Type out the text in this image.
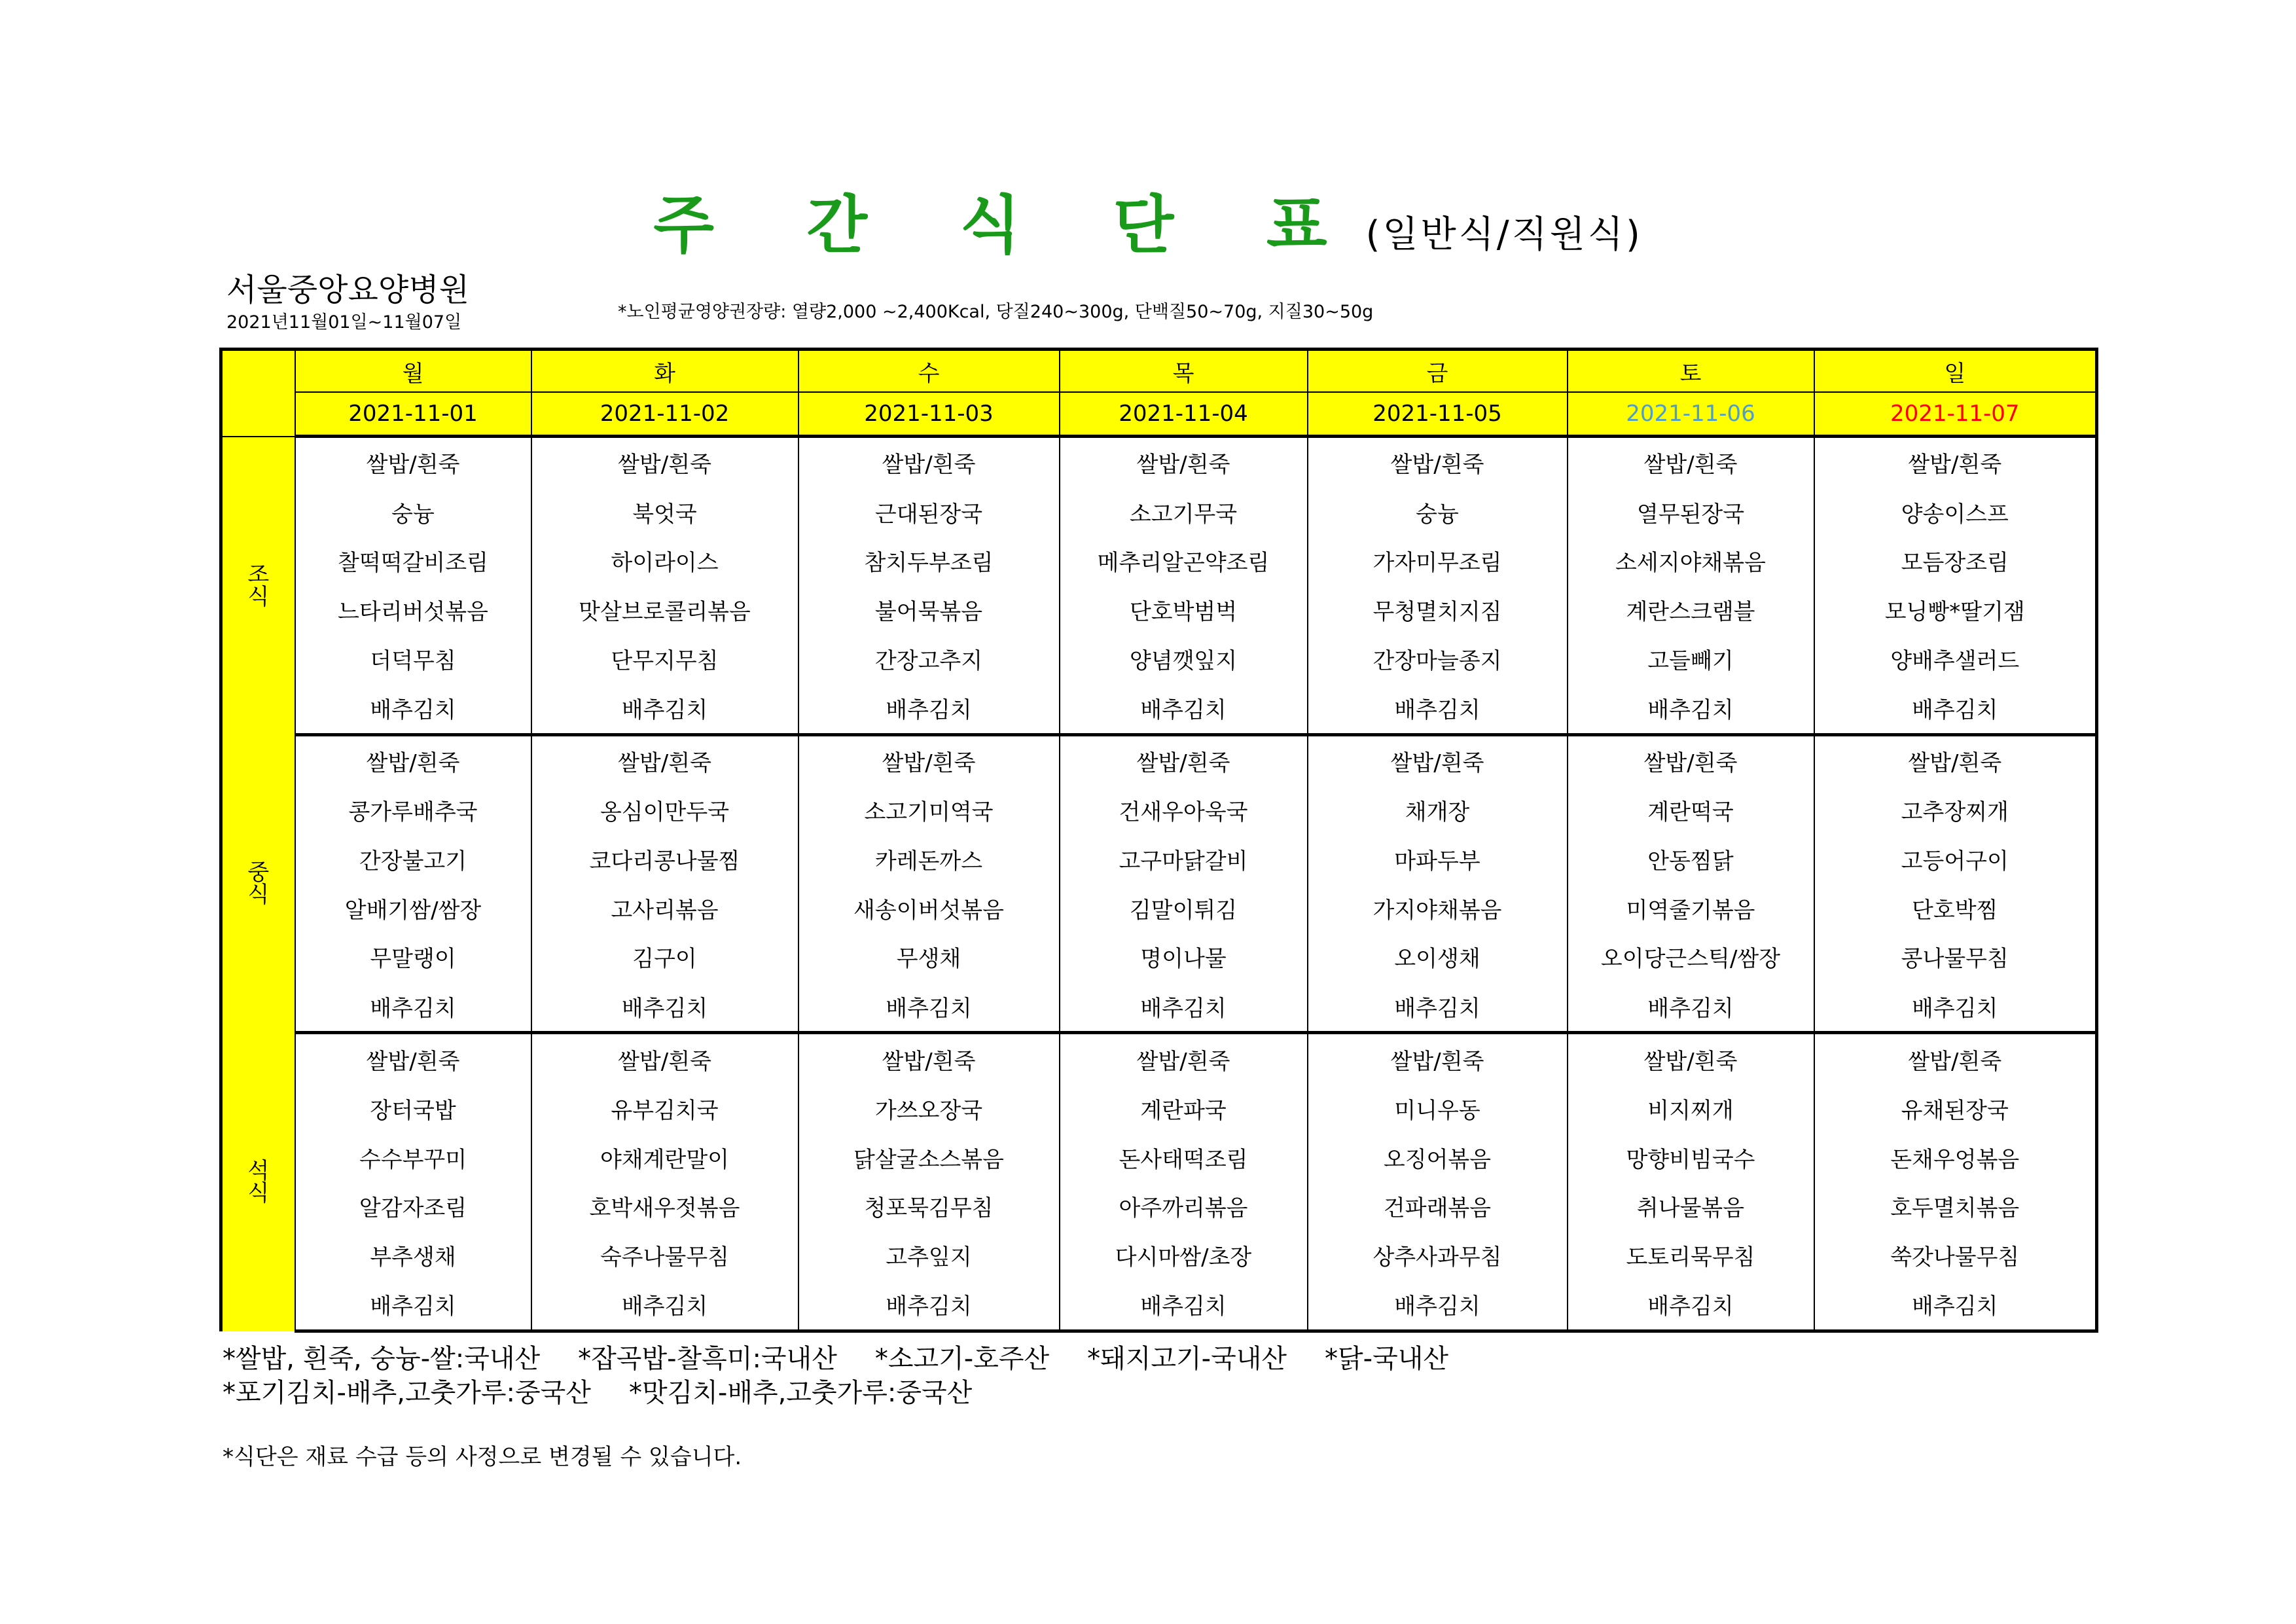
주 간 식 단 표 (일반식/직원식)
서울중앙요양병원
2021년11월01일~11월07일
*노인평균영양권장량: 열량2,000 ~2,400Kcal, 당질240~300g, 단백질50~70g, 지질30~50g
	월	화	수	목	금	토	일
	2021-11-01	2021-11-02	2021-11-03	2021-11-04	2021-11-05	2021-11-06	2021-11-07
조
식	쌀밥/흰죽	쌀밥/흰죽	쌀밥/흰죽	쌀밥/흰죽	쌀밥/흰죽	쌀밥/흰죽	쌀밥/흰죽
	숭늉	북엇국	근대된장국	소고기무국	숭늉	열무된장국	양송이스프
	찰떡떡갈비조림	하이라이스	참치두부조림	메추리알곤약조림	가자미무조림	소세지야채볶음	모듬장조림
	느타리버섯볶음	맛살브로콜리볶음	불어묵볶음	단호박범벅	무청멸치지짐	계란스크램블	모닝빵*딸기잼
	더덕무침	단무지무침	간장고추지	양념깻잎지	간장마늘종지	고들빼기	양배추샐러드
	배추김치	배추김치	배추김치	배추김치	배추김치	배추김치	배추김치
중
식	쌀밥/흰죽	쌀밥/흰죽	쌀밥/흰죽	쌀밥/흰죽	쌀밥/흰죽	쌀밥/흰죽	쌀밥/흰죽
	콩가루배추국	옹심이만두국	소고기미역국	건새우아욱국	채개장	계란떡국	고추장찌개
	간장불고기	코다리콩나물찜	카레돈까스	고구마닭갈비	마파두부	안동찜닭	고등어구이
	알배기쌈/쌈장	고사리볶음	새송이버섯볶음	김말이튀김	가지야채볶음	미역줄기볶음	단호박찜
	무말랭이	김구이	무생채	명이나물	오이생채	오이당근스틱/쌈장	콩나물무침
	배추김치	배추김치	배추김치	배추김치	배추김치	배추김치	배추김치
석
식	쌀밥/흰죽	쌀밥/흰죽	쌀밥/흰죽	쌀밥/흰죽	쌀밥/흰죽	쌀밥/흰죽	쌀밥/흰죽
	장터국밥	유부김치국	가쓰오장국	계란파국	미니우동	비지찌개	유채된장국
	수수부꾸미	야채계란말이	닭살굴소스볶음	돈사태떡조림	오징어볶음	망향비빔국수	돈채우엉볶음
	알감자조림	호박새우젓볶음	청포묵김무침	아주까리볶음	건파래볶음	취나물볶음	호두멸치볶음
	부추생채	숙주나물무침	고추잎지	다시마쌈/초장	상추사과무침	도토리묵무침	쑥갓나물무침
	배추김치	배추김치	배추김치	배추김치	배추김치	배추김치	배추김치
*쌀밥, 흰죽, 숭늉-쌀:국내산 *잡곡밥-찰흑미:국내산 *소고기-호주산 *돼지고기-국내산 *닭-국내산
*포기김치-배추,고춧가루:중국산 *맛김치-배추,고춧가루:중국산
*식단은 재료 수급 등의 사정으로 변경될 수 있습니다.
